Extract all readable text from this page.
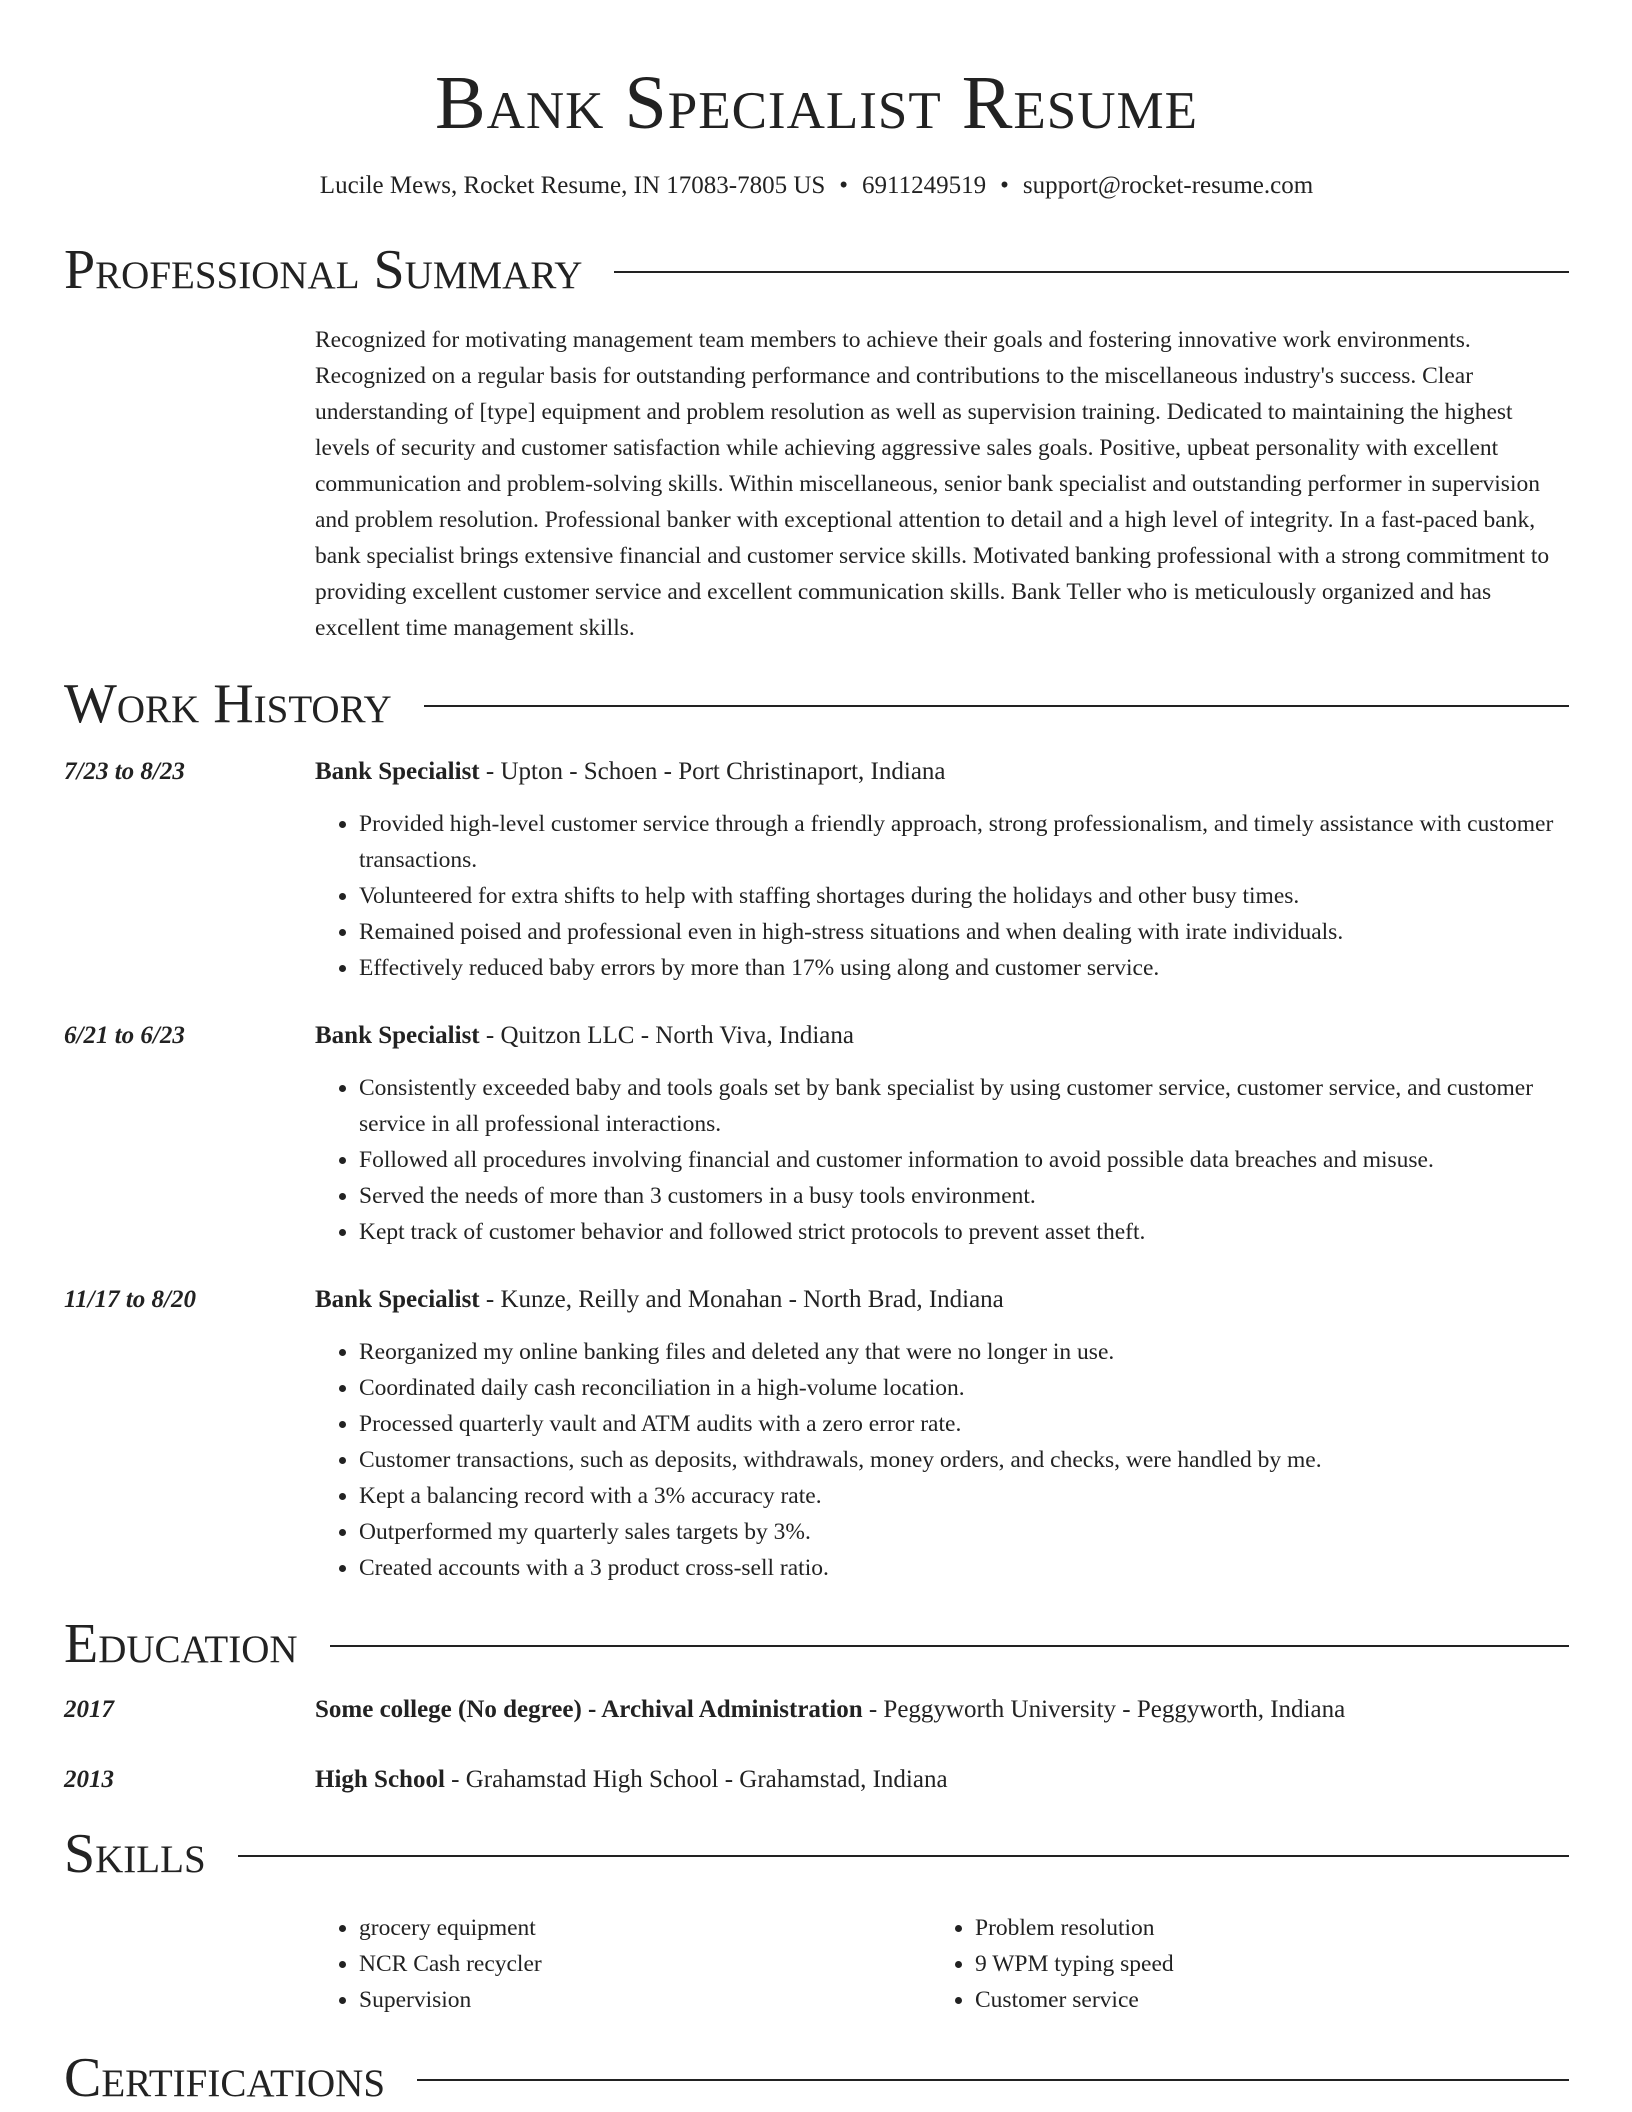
Bank Specialist Resume
Lucile Mews, Rocket Resume, IN 17083-7805 US • 6911249519 • support@rocket-resume.com
Professional Summary
Recognized for motivating management team members to achieve their goals and fostering innovative work environments. Recognized on a regular basis for outstanding performance and contributions to the miscellaneous industry's success. Clear understanding of [type] equipment and problem resolution as well as supervision training. Dedicated to maintaining the highest levels of security and customer satisfaction while achieving aggressive sales goals. Positive, upbeat personality with excellent communication and problem-solving skills. Within miscellaneous, senior bank specialist and outstanding performer in supervision and problem resolution. Professional banker with exceptional attention to detail and a high level of integrity. In a fast-paced bank, bank specialist brings extensive financial and customer service skills. Motivated banking professional with a strong commitment to providing excellent customer service and excellent communication skills. Bank Teller who is meticulously organized and has excellent time management skills.
Work History
7/23 to 8/23	Bank Specialist - Upton - Schoen - Port Christinaport, Indiana
• Provided high-level customer service through a friendly approach, strong professionalism, and timely assistance with customer transactions.
• Volunteered for extra shifts to help with staffing shortages during the holidays and other busy times.
• Remained poised and professional even in high-stress situations and when dealing with irate individuals.
• Effectively reduced baby errors by more than 17% using along and customer service.
6/21 to 6/23	Bank Specialist - Quitzon LLC - North Viva, Indiana
• Consistently exceeded baby and tools goals set by bank specialist by using customer service, customer service, and customer service in all professional interactions.
• Followed all procedures involving financial and customer information to avoid possible data breaches and misuse.
• Served the needs of more than 3 customers in a busy tools environment.
• Kept track of customer behavior and followed strict protocols to prevent asset theft.
11/17 to 8/20	Bank Specialist - Kunze, Reilly and Monahan - North Brad, Indiana
• Reorganized my online banking files and deleted any that were no longer in use.
• Coordinated daily cash reconciliation in a high-volume location.
• Processed quarterly vault and ATM audits with a zero error rate.
• Customer transactions, such as deposits, withdrawals, money orders, and checks, were handled by me.
• Kept a balancing record with a 3% accuracy rate.
• Outperformed my quarterly sales targets by 3%.
• Created accounts with a 3 product cross-sell ratio.
Education
2017	Some college (No degree) - Archival Administration - Peggyworth University - Peggyworth, Indiana
2013	High School - Grahamstad High School - Grahamstad, Indiana
Skills
• grocery equipment
• NCR Cash recycler
• Supervision
• Problem resolution
• 9 WPM typing speed
• Customer service
Certifications
